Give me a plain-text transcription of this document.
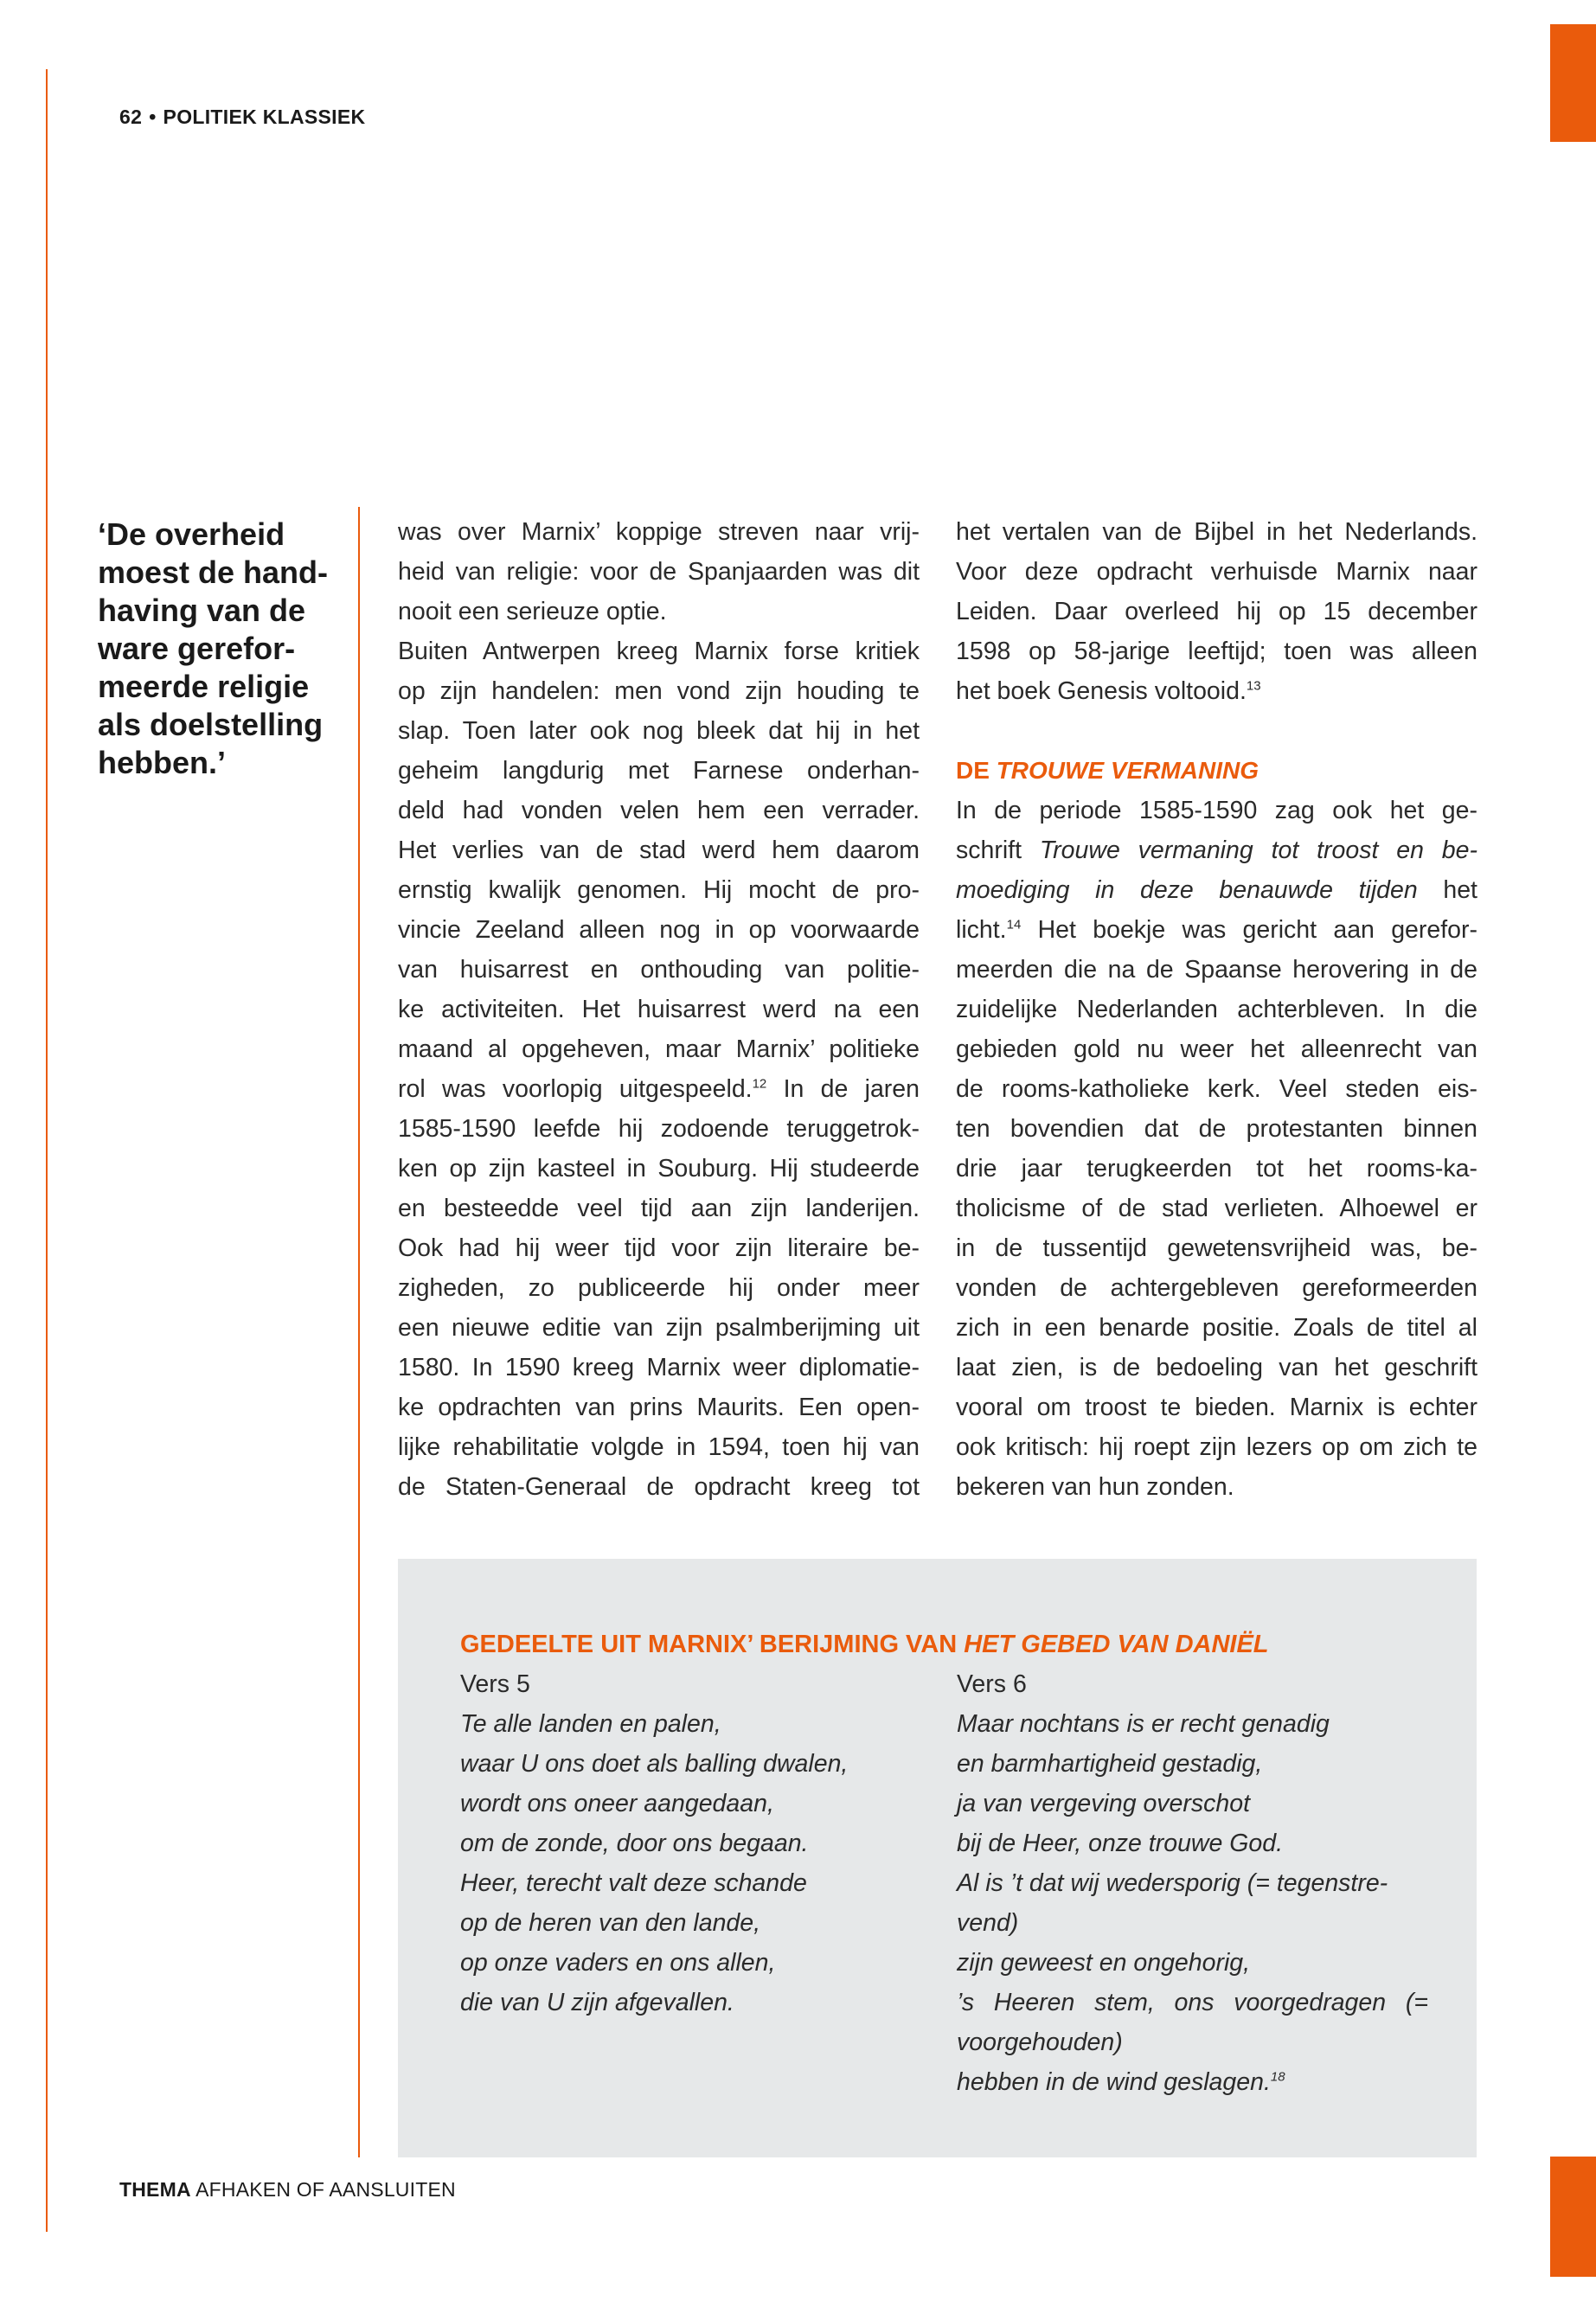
62 • POLITIEK KLASSIEK
‘De overheid
moest de hand-
having van de
ware gerefor-
meerde religie
als doelstelling
hebben.’
was over Marnix’ koppige streven naar vrij-
heid van religie: voor de Spanjaarden was dit
nooit een serieuze optie.
Buiten Antwerpen kreeg Marnix forse kritiek
op zijn handelen: men vond zijn houding te
slap. Toen later ook nog bleek dat hij in het
geheim langdurig met Farnese onderhan-
deld had vonden velen hem een verrader.
Het verlies van de stad werd hem daarom
ernstig kwalijk genomen. Hij mocht de pro-
vincie Zeeland alleen nog in op voorwaarde
van huisarrest en onthouding van politie-
ke activiteiten. Het huisarrest werd na een
maand al opgeheven, maar Marnix’ politieke
rol was voorlopig uitgespeeld.$^{12}$ In de jaren
1585-1590 leefde hij zodoende teruggetrok-
ken op zijn kasteel in Souburg. Hij studeerde
en besteedde veel tijd aan zijn landerijen.
Ook had hij weer tijd voor zijn literaire be-
zigheden, zo publiceerde hij onder meer
een nieuwe editie van zijn psalmberijming uit
1580. In 1590 kreeg Marnix weer diplomatie-
ke opdrachten van prins Maurits. Een open-
lijke rehabilitatie volgde in 1594, toen hij van
de Staten-Generaal de opdracht kreeg tot
het vertalen van de Bijbel in het Nederlands.
Voor deze opdracht verhuisde Marnix naar
Leiden. Daar overleed hij op 15 december
1598 op 58-jarige leeftijd; toen was alleen
het boek Genesis voltooid.$^{13}$
DE TROUWE VERMANING
In de periode 1585-1590 zag ook het ge-
schrift Trouwe vermaning tot troost en be-
moediging in deze benauwde tijden het
licht.$^{14}$ Het boekje was gericht aan gerefor-
meerden die na de Spaanse herovering in de
zuidelijke Nederlanden achterbleven. In die
gebieden gold nu weer het alleenrecht van
de rooms-katholieke kerk. Veel steden eis-
ten bovendien dat de protestanten binnen
drie jaar terugkeerden tot het rooms-ka-
tholicisme of de stad verlieten. Alhoewel er
in de tussentijd gewetensvrijheid was, be-
vonden de achtergebleven gereformeerden
zich in een benarde positie. Zoals de titel al
laat zien, is de bedoeling van het geschrift
vooral om troost te bieden. Marnix is echter
ook kritisch: hij roept zijn lezers op om zich te
bekeren van hun zonden.
GEDEELTE UIT MARNIX’ BERIJMING VAN HET GEBED VAN DANIËL
Vers 5
Te alle landen en palen,
waar U ons doet als balling dwalen,
wordt ons oneer aangedaan,
om de zonde, door ons begaan.
Heer, terecht valt deze schande
op de heren van den lande,
op onze vaders en ons allen,
die van U zijn afgevallen.
Vers 6
Maar nochtans is er recht genadig
en barmhartigheid gestadig,
ja van vergeving overschot
bij de Heer, onze trouwe God.
Al is ’t dat wij wedersporig (= tegenstre-
vend)
zijn geweest en ongehorig,
’s Heeren stem, ons voorgedragen (=
voorgehouden)
hebben in de wind geslagen.$^{18}$
THEMA AFHAKEN OF AANSLUITEN
